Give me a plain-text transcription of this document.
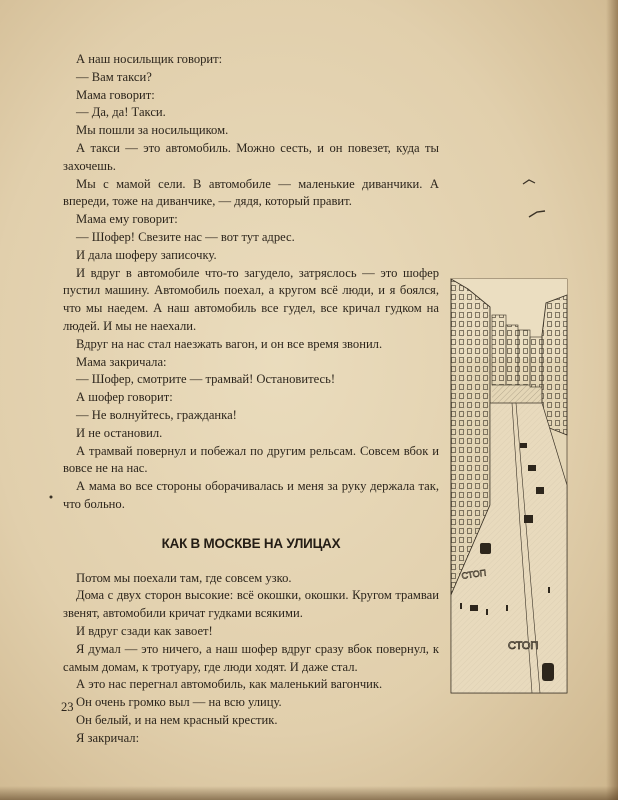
А наш носильщик говорит:

— Вам такси?

Мама говорит:

— Да, да! Такси.

Мы пошли за носильщиком.

А такси — это автомобиль. Можно сесть, и он повезет, куда ты захочешь.

Мы с мамой сели. В автомобиле — маленькие диванчики. А впереди, тоже на диванчике, — дядя, который правит.

Мама ему говорит:

— Шофер! Свезите нас — вот тут адрес.

И дала шоферу записочку.

И вдруг в автомобиле что-то загудело, затряслось — это шофер пустил машину. Автомобиль поехал, а кругом всё люди, и я боялся, что мы наедем. А наш автомобиль все гудел, все кричал гудком на людей. И мы не наехали.

Вдруг на нас стал наезжать вагон, и он все время звонил.

Мама закричала:

— Шофер, смотрите — трамвай! Остановитесь!

А шофер говорит:

— Не волнуйтесь, гражданка!

И не остановил.

А трамвай повернул и побежал по другим рельсам. Совсем вбок и вовсе не на нас.

А мама во все стороны оборачивалась и меня за руку держала так, что больно.

КАК В МОСКВЕ НА УЛИЦАХ

Потом мы поехали там, где совсем узко.

Дома с двух сторон высокие: всё окошки, окошки. Кругом трамваи звенят, автомобили кричат гудками всякими.

И вдруг сзади как завоет!

Я думал — это ничего, а наш шофер вдруг сразу вбок повернул, к самым домам, к тротуару, где люди ходят. И даже стал.

А это нас перегнал автомобиль, как маленький вагончик.

Он очень громко выл — на всю улицу.

Он белый, и на нем красный крестик.

Я закричал:

23
СТОП
СТОП
